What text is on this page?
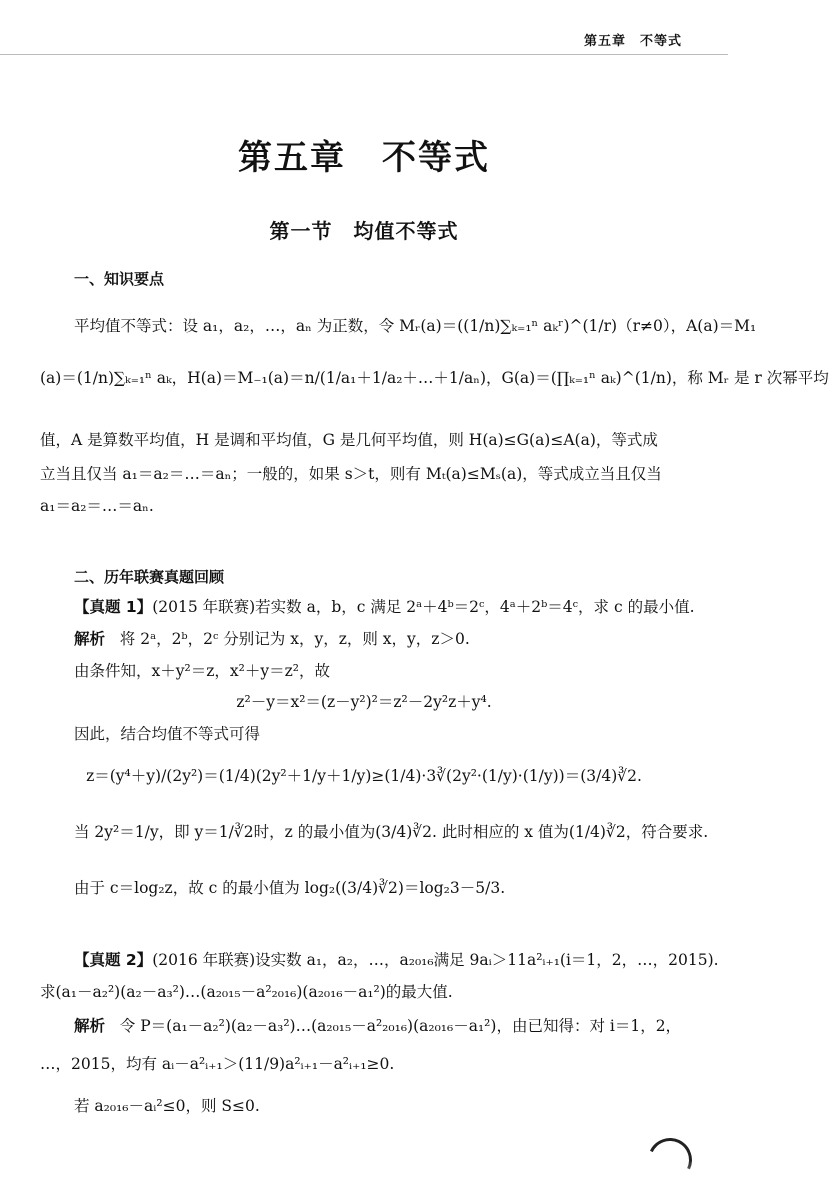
第五章　不等式
第五章　不等式
第一节　均值不等式
一、知识要点
平均值不等式：设 a₁，a₂，…，aₙ 为正数，令 Mᵣ(a)＝((1/n)∑ₖ₌₁ⁿ aₖʳ)^(1/r)（r≠0），A(a)＝M₁
(a)＝(1/n)∑ₖ₌₁ⁿ aₖ，H(a)＝M₋₁(a)＝n/(1/a₁＋1/a₂＋…＋1/aₙ)，G(a)＝(∏ₖ₌₁ⁿ aₖ)^(1/n)，称 Mᵣ 是 r 次幂平均
值，A 是算数平均值，H 是调和平均值，G 是几何平均值，则 H(a)≤G(a)≤A(a)，等式成
立当且仅当 a₁＝a₂＝…＝aₙ；一般的，如果 s＞t，则有 Mₜ(a)≤Mₛ(a)，等式成立当且仅当
a₁＝a₂＝…＝aₙ.
二、历年联赛真题回顾
【真题 1】(2015 年联赛)若实数 a，b，c 满足 2ᵃ＋4ᵇ＝2ᶜ，4ᵃ＋2ᵇ＝4ᶜ，求 c 的最小值.
解析 将 2ᵃ，2ᵇ，2ᶜ 分别记为 x，y，z，则 x，y，z＞0.
由条件知，x＋y²＝z，x²＋y＝z²，故
z²－y＝x²＝(z－y²)²＝z²－2y²z＋y⁴.
因此，结合均值不等式可得
z＝(y⁴＋y)/(2y²)＝(1/4)(2y²＋1/y＋1/y)≥(1/4)·3∛(2y²·(1/y)·(1/y))＝(3/4)∛2.
当 2y²＝1/y，即 y＝1/∛2时，z 的最小值为(3/4)∛2. 此时相应的 x 值为(1/4)∛2，符合要求.
由于 c＝log₂z，故 c 的最小值为 log₂((3/4)∛2)＝log₂3－5/3.
【真题 2】(2016 年联赛)设实数 a₁，a₂，…，a₂₀₁₆满足 9aᵢ＞11a²ᵢ₊₁(i＝1，2，…，2015).
求(a₁－a₂²)(a₂－a₃²)…(a₂₀₁₅－a²₂₀₁₆)(a₂₀₁₆－a₁²)的最大值.
解析 令 P＝(a₁－a₂²)(a₂－a₃²)…(a₂₀₁₅－a²₂₀₁₆)(a₂₀₁₆－a₁²)，由已知得：对 i＝1，2，
…，2015，均有 aᵢ－a²ᵢ₊₁＞(11/9)a²ᵢ₊₁－a²ᵢ₊₁≥0.
若 a₂₀₁₆－aᵢ²≤0，则 S≤0.
